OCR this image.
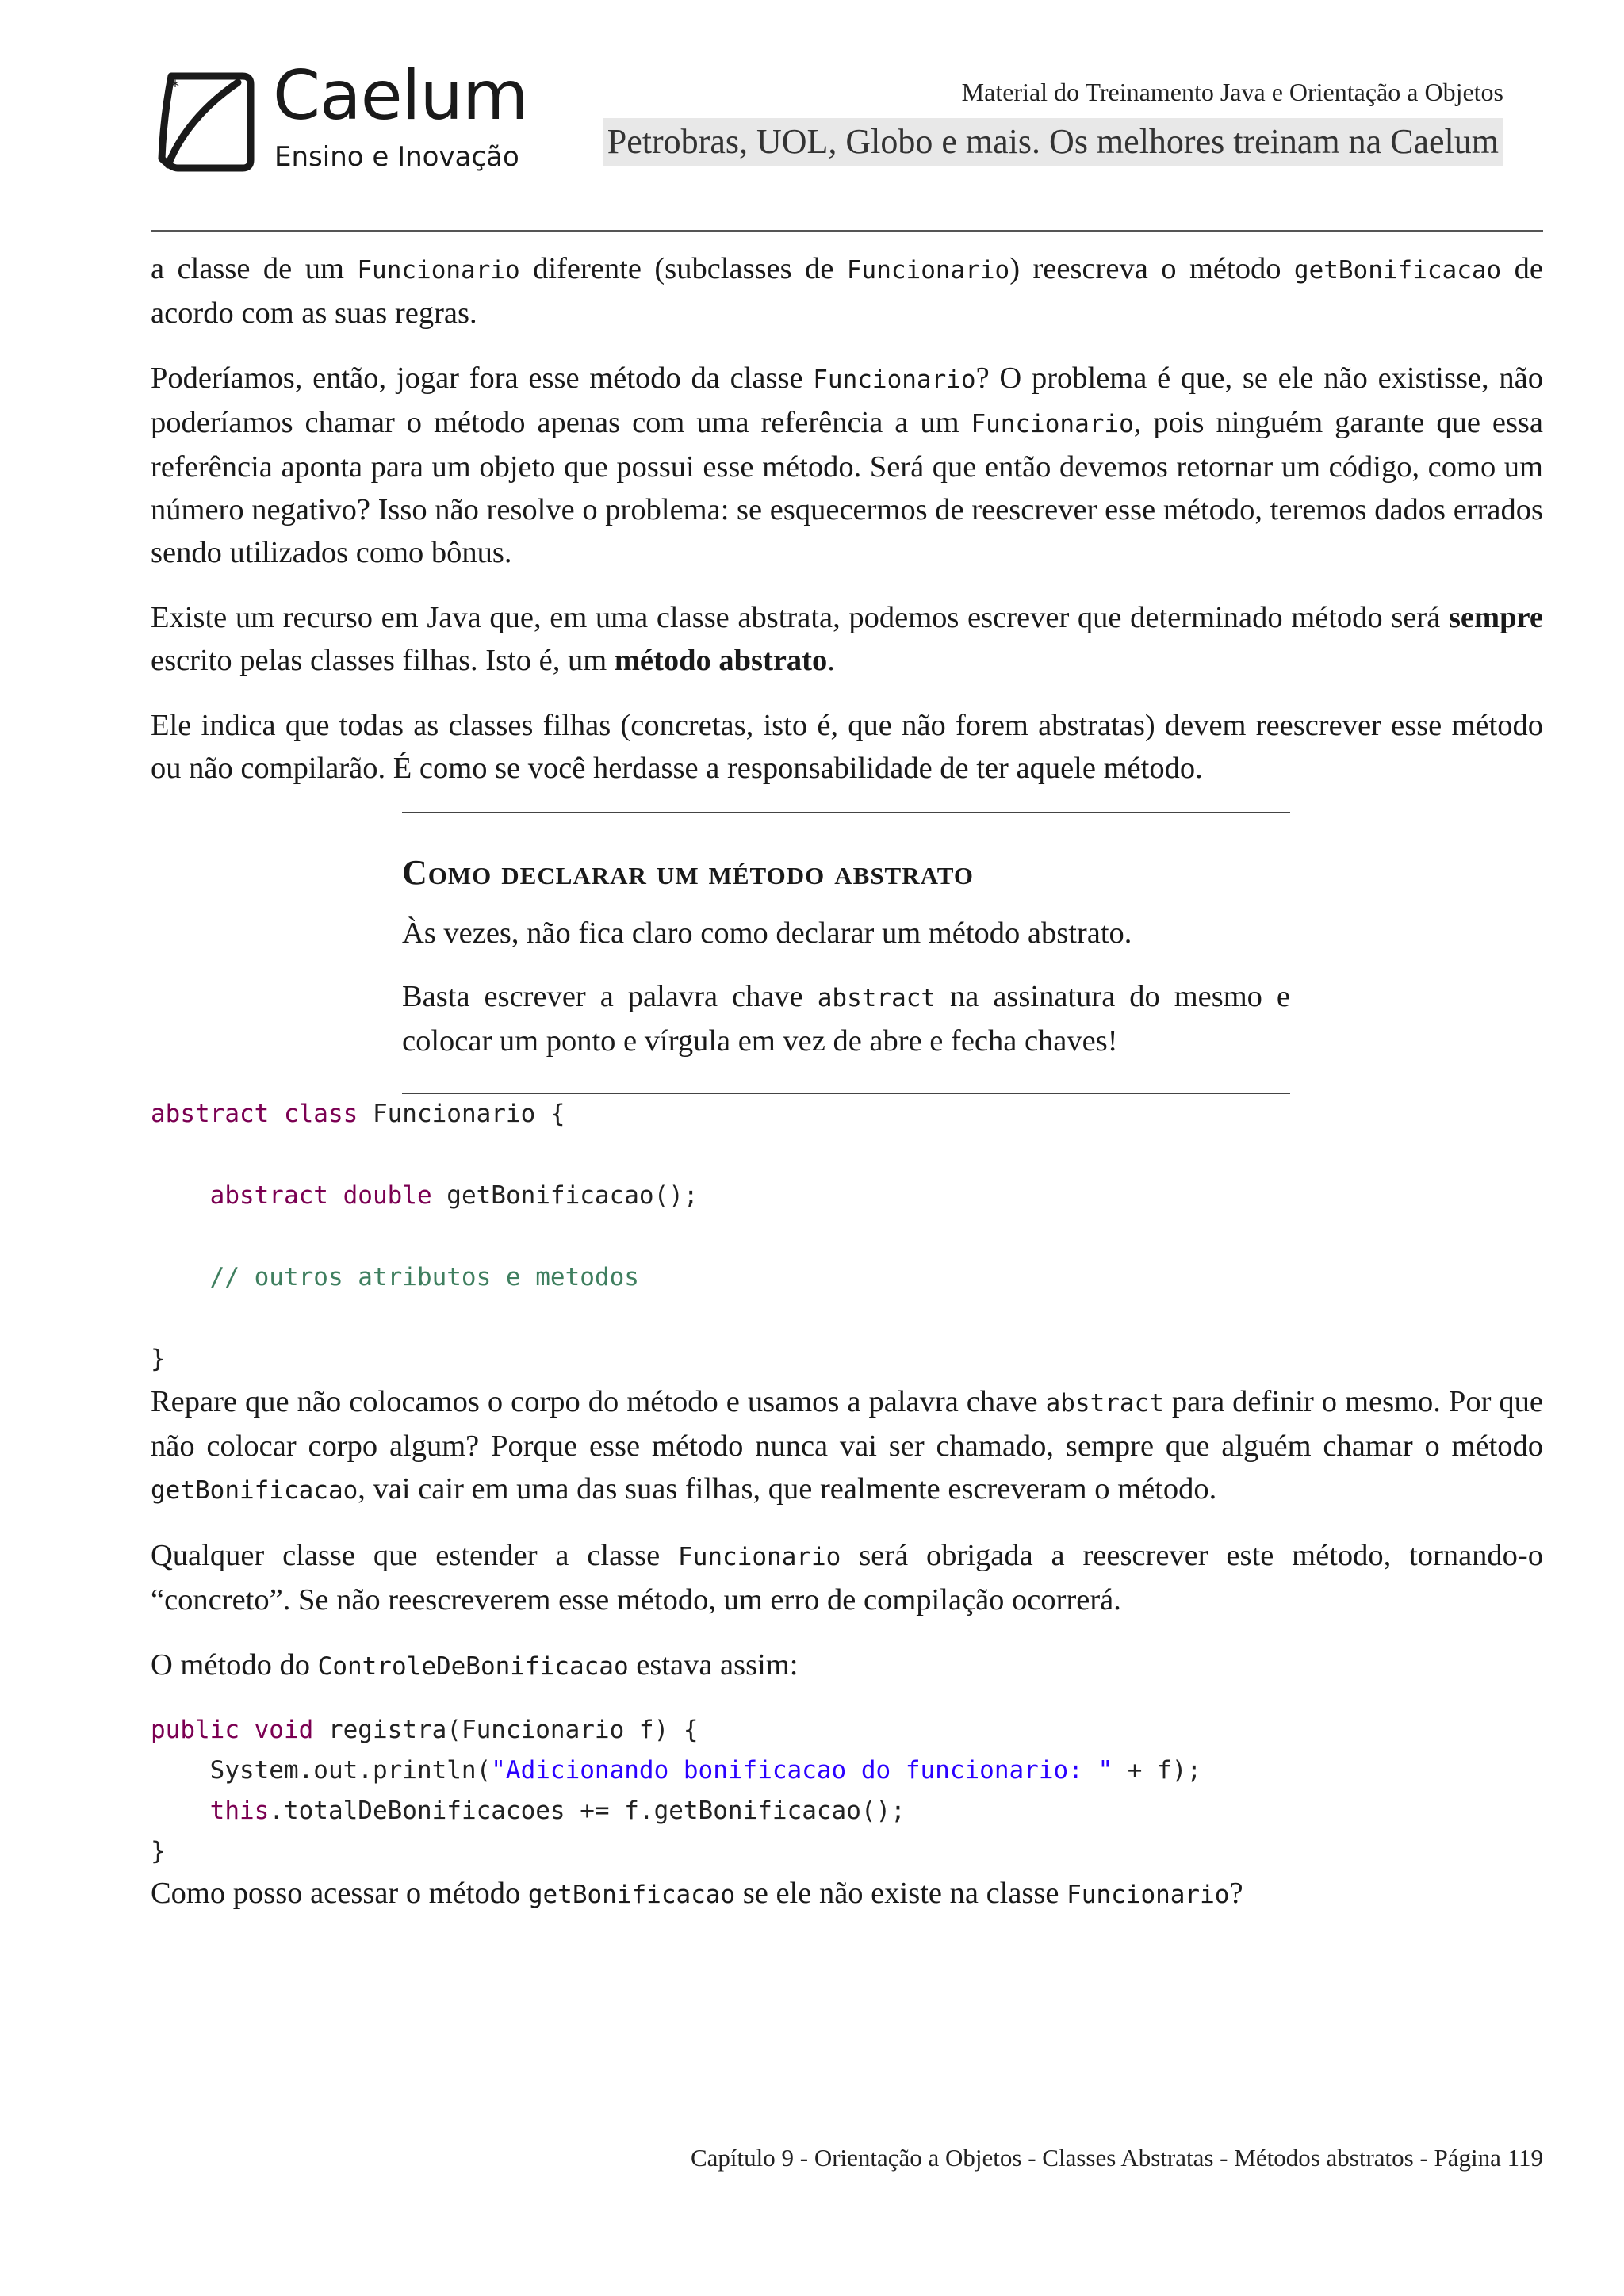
* Caelum
Ensino e Inovação
Material do Treinamento Java e Orientação a Objetos
Petrobras, UOL, Globo e mais. Os melhores treinam na Caelum

a classe de um Funcionario diferente (subclasses de Funcionario) reescreva o método getBonificacao de acordo com as suas regras.

Poderíamos, então, jogar fora esse método da classe Funcionario? O problema é que, se ele não existisse, não poderíamos chamar o método apenas com uma referência a um Funcionario, pois ninguém garante que essa referência aponta para um objeto que possui esse método. Será que então devemos retornar um código, como um número negativo? Isso não resolve o problema: se esquecermos de reescrever esse método, teremos dados errados sendo utilizados como bônus.

Existe um recurso em Java que, em uma classe abstrata, podemos escrever que determinado método será sempre escrito pelas classes filhas. Isto é, um método abstrato.

Ele indica que todas as classes filhas (concretas, isto é, que não forem abstratas) devem reescrever esse método ou não compilarão. É como se você herdasse a responsabilidade de ter aquele método.

Como declarar um método abstrato

Às vezes, não fica claro como declarar um método abstrato.

Basta escrever a palavra chave abstract na assinatura do mesmo e colocar um ponto e vírgula em vez de abre e fecha chaves!

abstract class Funcionario {

abstract double getBonificacao();

// outros atributos e metodos

}

Repare que não colocamos o corpo do método e usamos a palavra chave abstract para definir o mesmo. Por que não colocar corpo algum? Porque esse método nunca vai ser chamado, sempre que alguém chamar o método getBonificacao, vai cair em uma das suas filhas, que realmente escreveram o método.

Qualquer classe que estender a classe Funcionario será obrigada a reescrever este método, tornando-o “concreto”. Se não reescreverem esse método, um erro de compilação ocorrerá.

O método do ControleDeBonificacao estava assim:

public void registra(Funcionario f) {
System.out.println("Adicionando bonificacao do funcionario: " + f);
this.totalDeBonificacoes += f.getBonificacao();
}

Como posso acessar o método getBonificacao se ele não existe na classe Funcionario?

Capítulo 9 - Orientação a Objetos - Classes Abstratas - Métodos abstratos - Página 119
